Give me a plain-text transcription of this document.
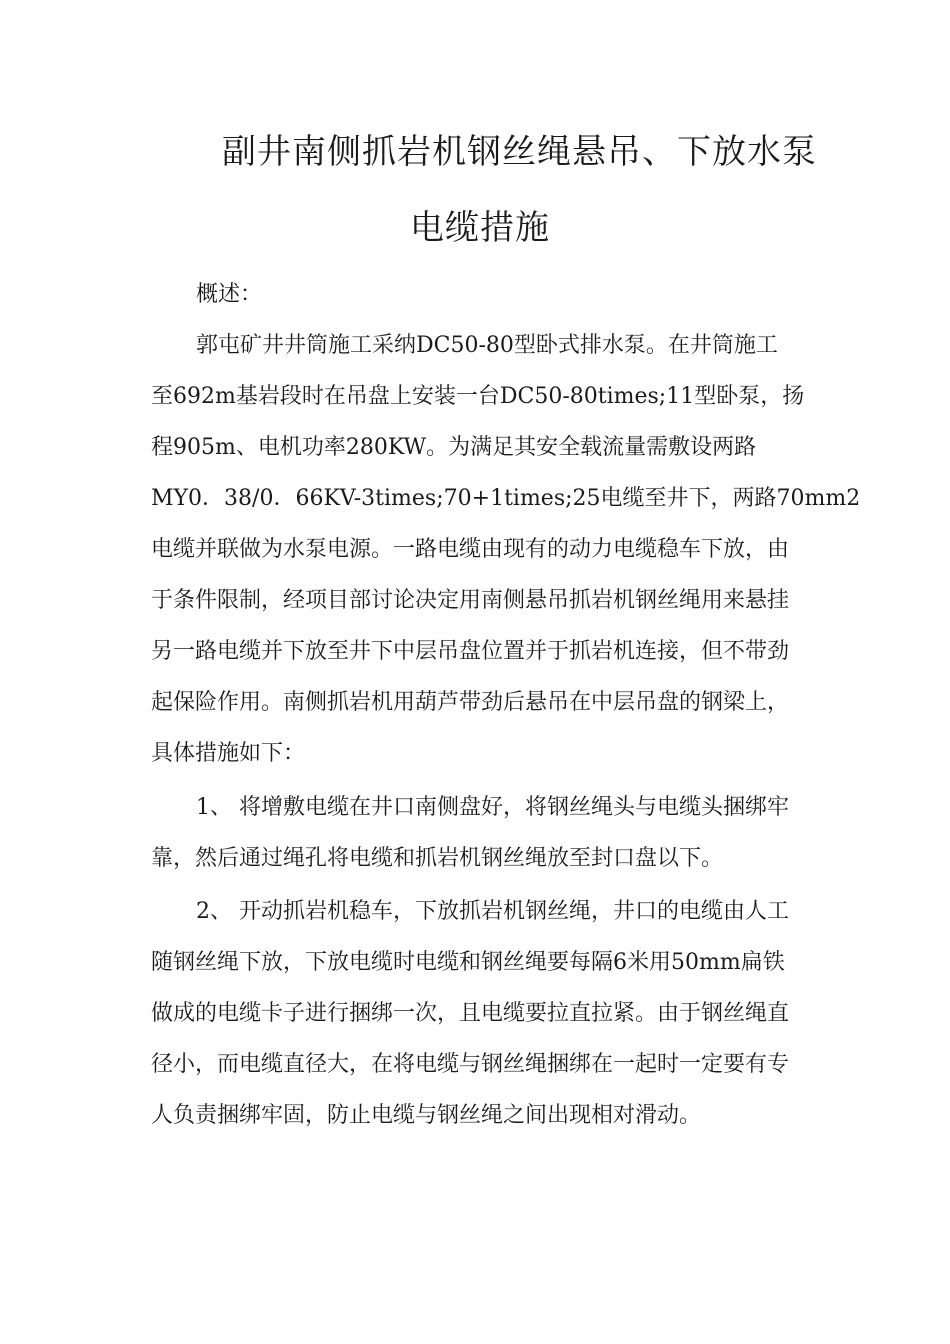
副井南侧抓岩机钢丝绳悬吊、下放水泵
电缆措施
概述：
郭屯矿井井筒施工采纳DC50-80型卧式排水泵。在井筒施工
至692m基岩段时在吊盘上安装一台DC50-80times;11型卧泵，扬
程905m、电机功率280KW。为满足其安全载流量需敷设两路
MY0．38/0．66KV-3times;70+1times;25电缆至井下，两路70mm2
电缆并联做为水泵电源。一路电缆由现有的动力电缆稳车下放，由
于条件限制，经项目部讨论决定用南侧悬吊抓岩机钢丝绳用来悬挂
另一路电缆并下放至井下中层吊盘位置并于抓岩机连接，但不带劲
起保险作用。南侧抓岩机用葫芦带劲后悬吊在中层吊盘的钢梁上，
具体措施如下：
1、 将增敷电缆在井口南侧盘好，将钢丝绳头与电缆头捆绑牢
靠，然后通过绳孔将电缆和抓岩机钢丝绳放至封口盘以下。
2、 开动抓岩机稳车，下放抓岩机钢丝绳，井口的电缆由人工
随钢丝绳下放，下放电缆时电缆和钢丝绳要每隔6米用50mm扁铁
做成的电缆卡子进行捆绑一次，且电缆要拉直拉紧。由于钢丝绳直
径小，而电缆直径大，在将电缆与钢丝绳捆绑在一起时一定要有专
人负责捆绑牢固，防止电缆与钢丝绳之间出现相对滑动。
